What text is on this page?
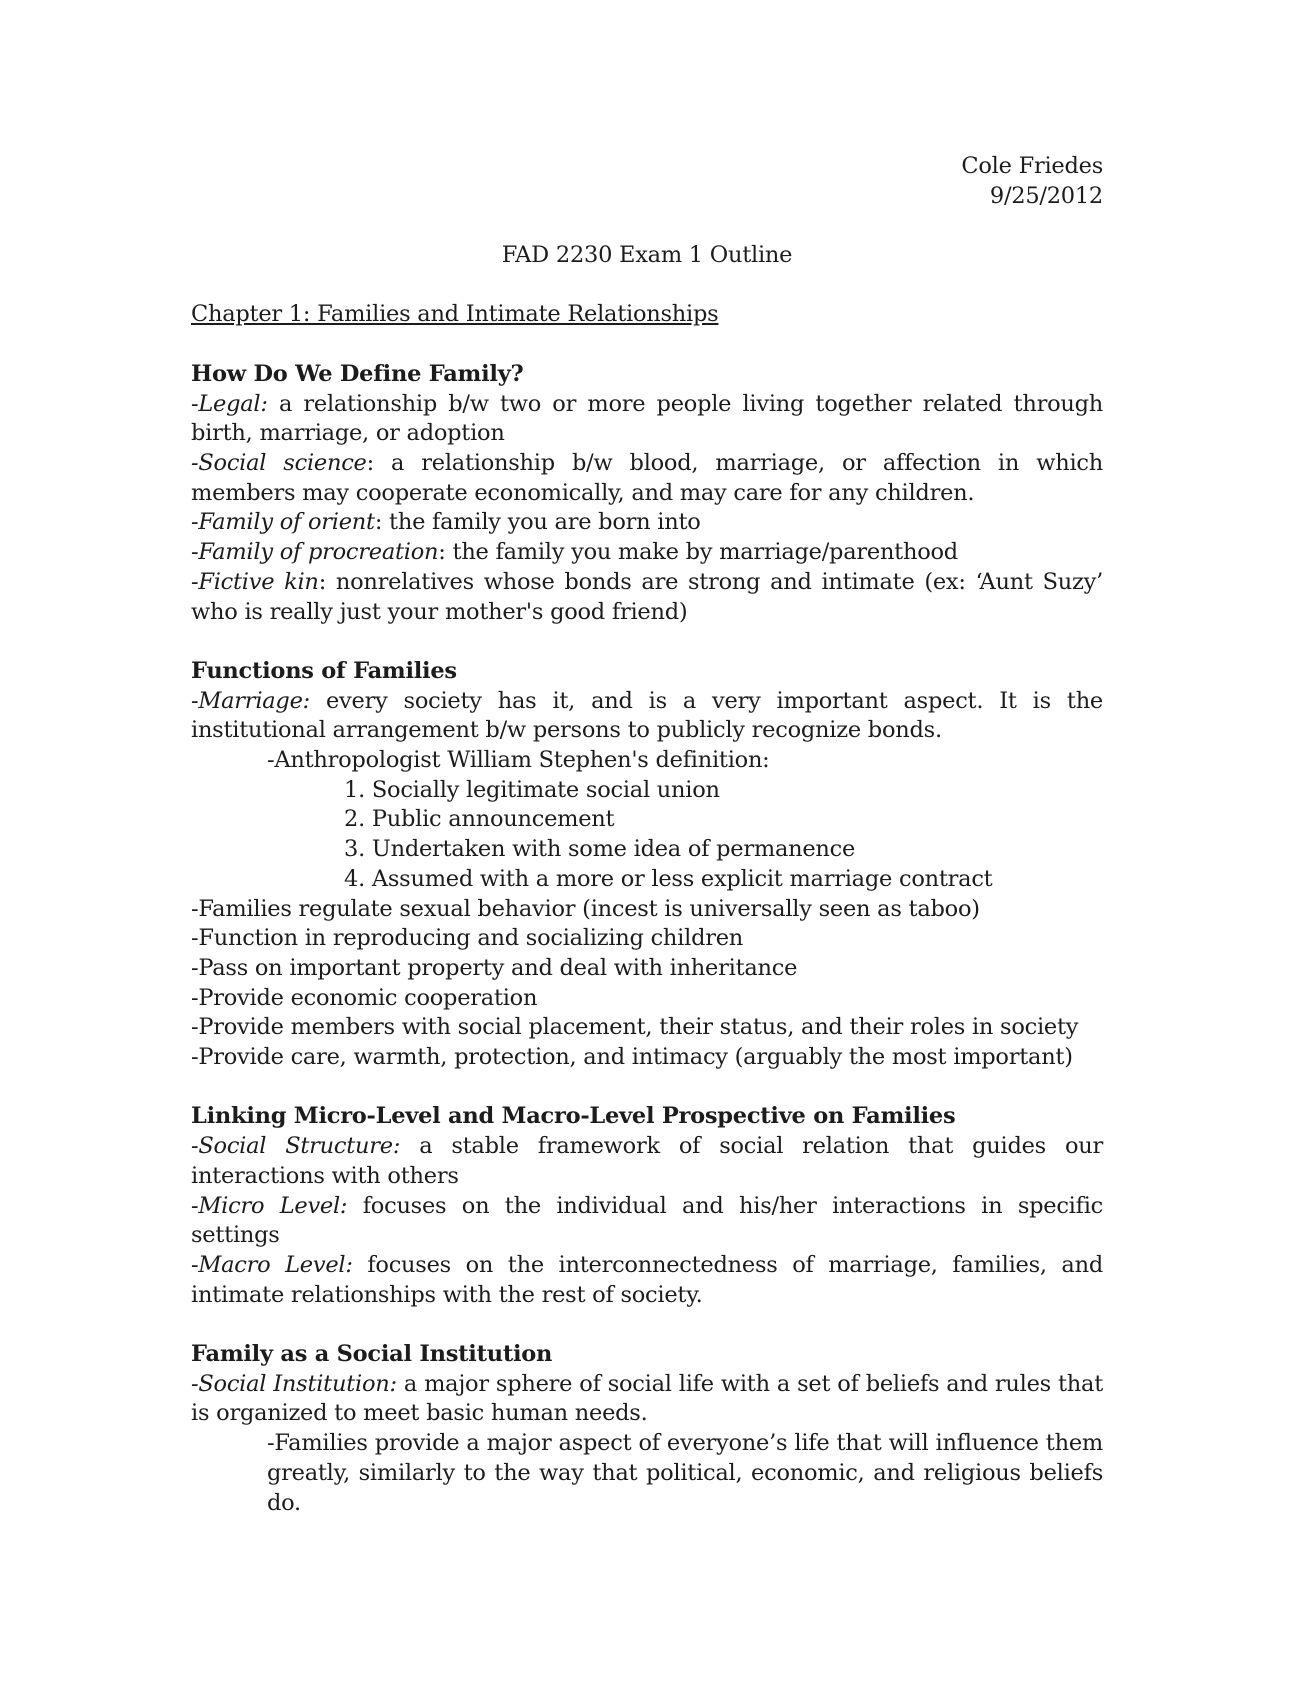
Cole Friedes
9/25/2012
FAD 2230 Exam 1 Outline
Chapter 1: Families and Intimate Relationships
How Do We Define Family?

-Legal: a relationship b/w two or more people living together related through birth, marriage, or adoption

-Social science: a relationship b/w blood, marriage, or affection in which members may cooperate economically, and may care for any children.

-Family of orient: the family you are born into

-Family of procreation: the family you make by marriage/parenthood

-Fictive kin: nonrelatives whose bonds are strong and intimate (ex: ‘Aunt Suzy’ who is really just your mother's good friend)

Functions of Families

-Marriage: every society has it, and is a very important aspect. It is the institutional arrangement b/w persons to publicly recognize bonds.

-Anthropologist William Stephen's definition:

1. Socially legitimate social union

2. Public announcement

3. Undertaken with some idea of permanence

4. Assumed with a more or less explicit marriage contract

-Families regulate sexual behavior (incest is universally seen as taboo)

-Function in reproducing and socializing children

-Pass on important property and deal with inheritance

-Provide economic cooperation

-Provide members with social placement, their status, and their roles in society

-Provide care, warmth, protection, and intimacy (arguably the most important)

Linking Micro-Level and Macro-Level Prospective on Families

-Social Structure: a stable framework of social relation that guides our interactions with others

-Micro Level: focuses on the individual and his/her interactions in specific settings

-Macro Level: focuses on the interconnectedness of marriage, families, and intimate relationships with the rest of society.

Family as a Social Institution

-Social Institution: a major sphere of social life with a set of beliefs and rules that is organized to meet basic human needs.

-Families provide a major aspect of everyone’s life that will influence them greatly, similarly to the way that political, economic, and religious beliefs do.
